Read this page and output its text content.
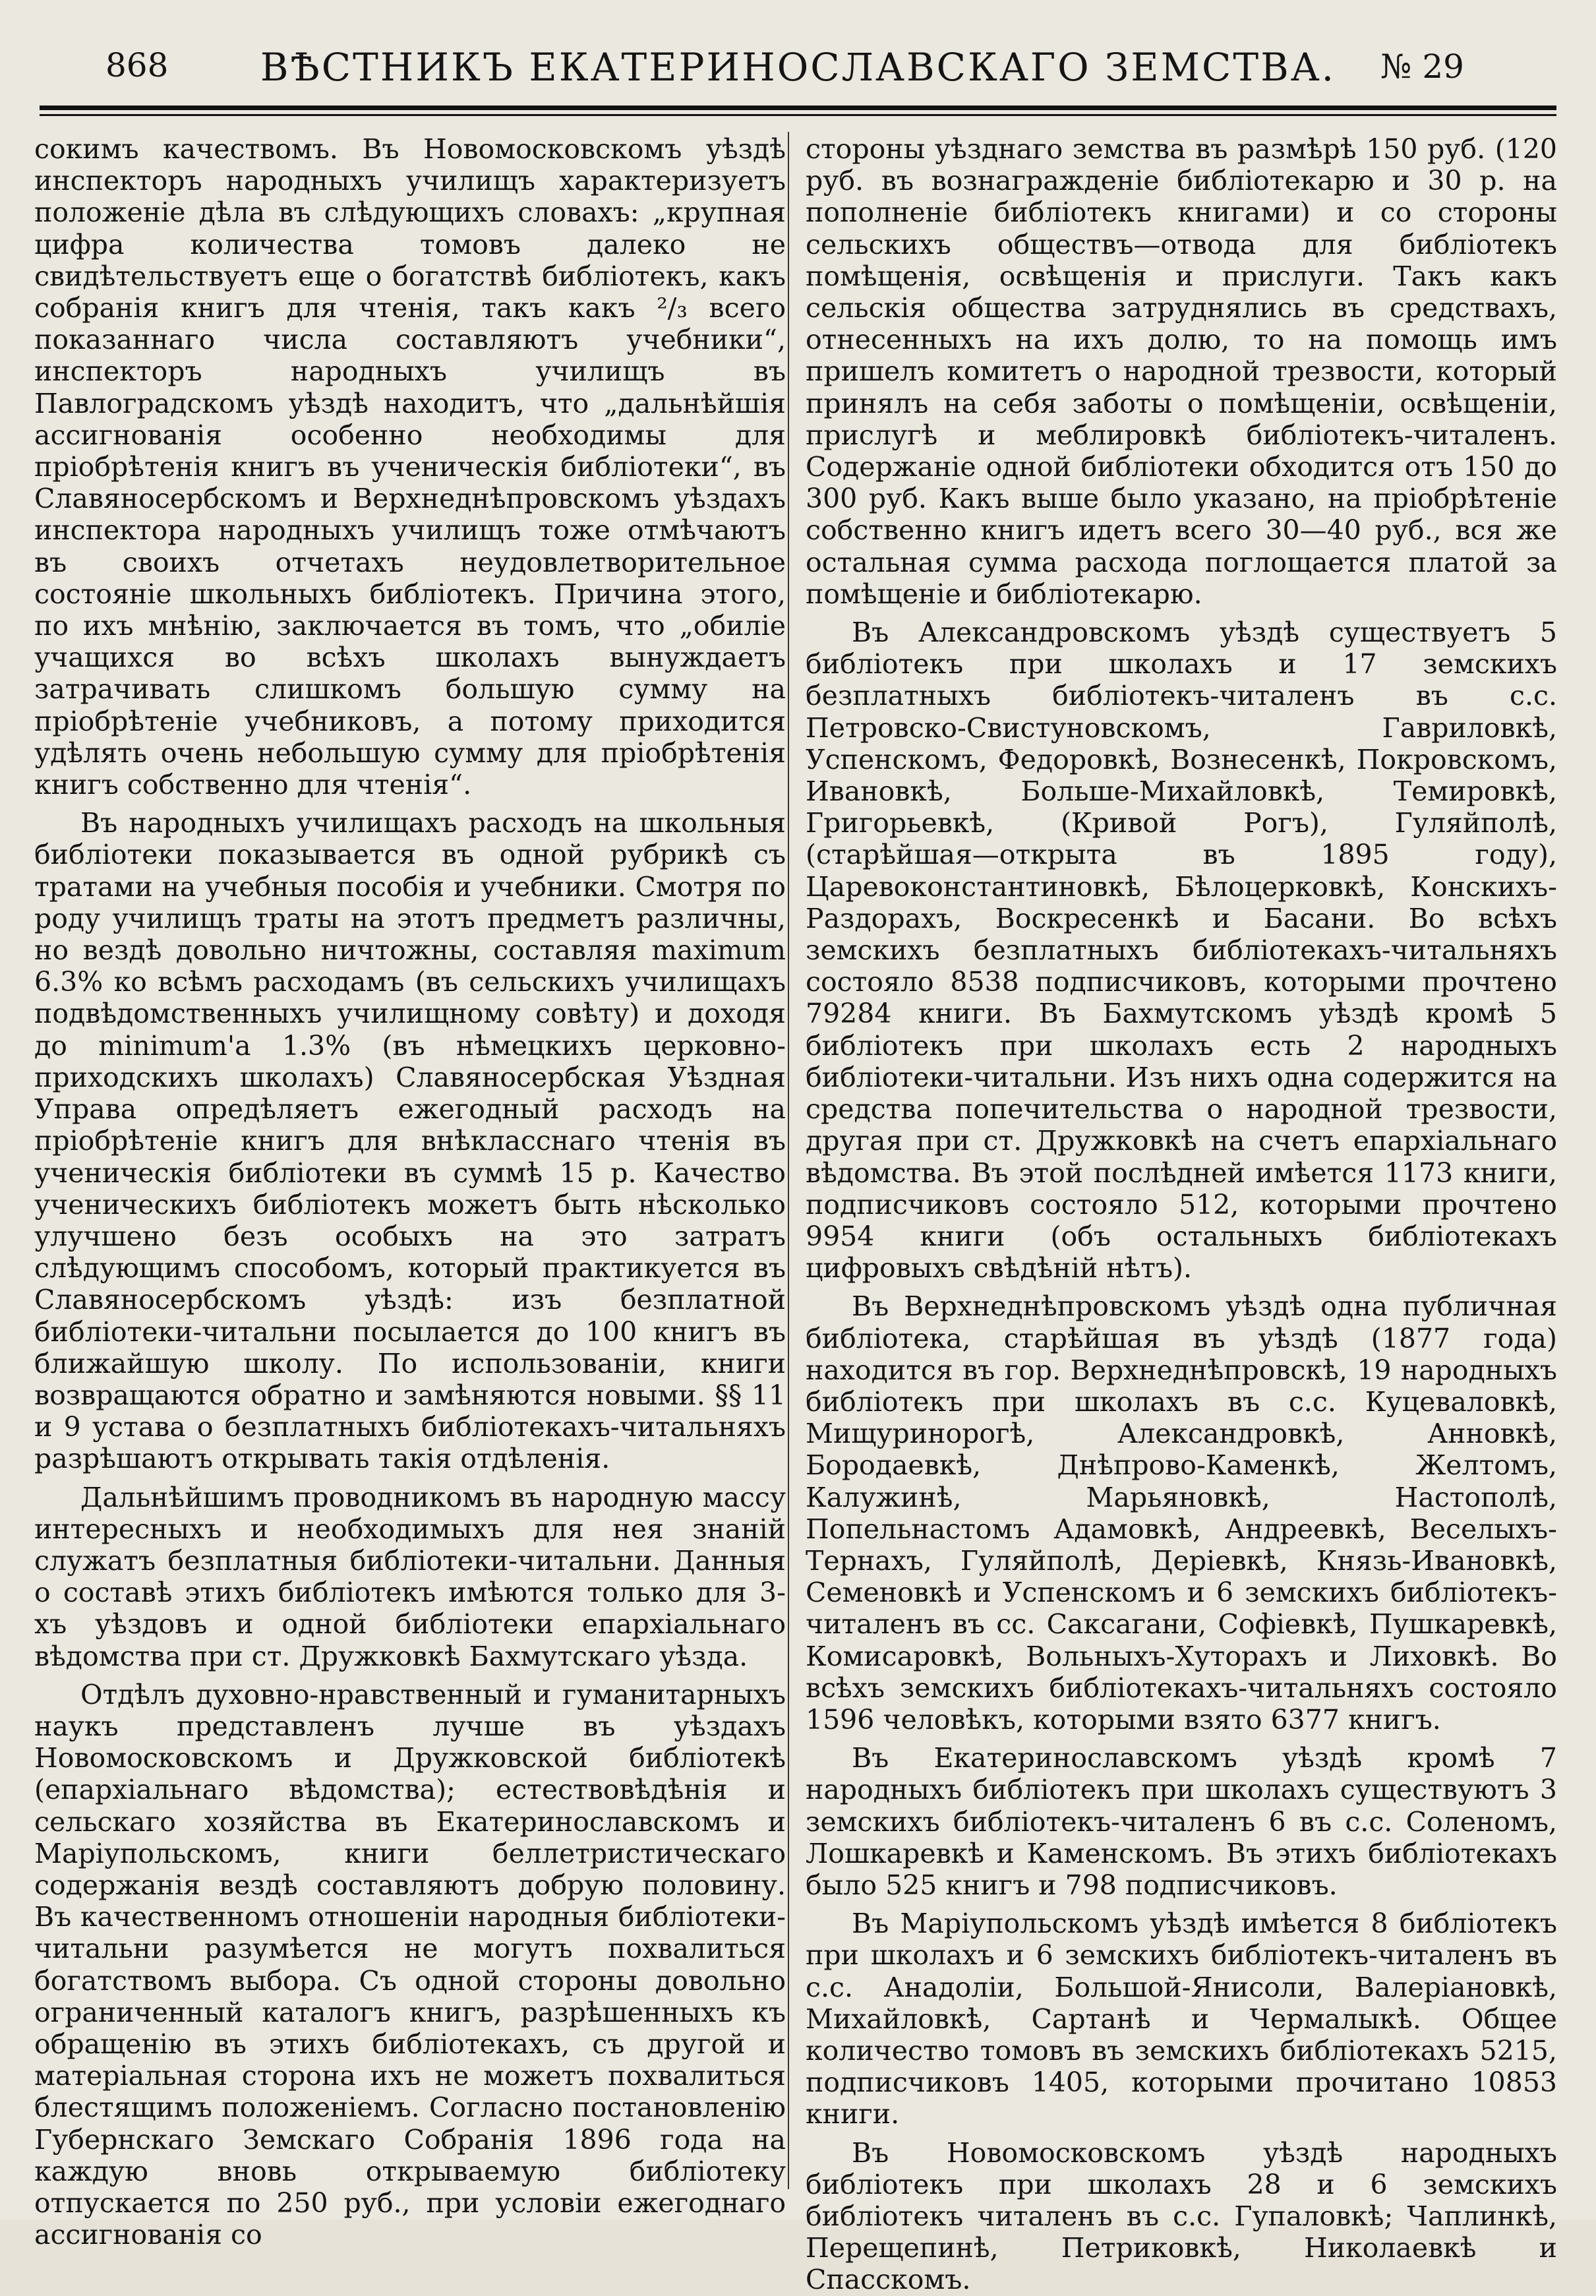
868	ВѢСТНИКЪ ЕКАТЕРИНОСЛАВСКАГО ЗЕМСТВА.	№ 29

сокимъ качествомъ. Въ Новомосковскомъ уѣздѣ инспекторъ народныхъ училищъ характеризуетъ положеніе дѣла въ слѣдующихъ словахъ: „крупная цифра количества томовъ далеко не свидѣтельствуетъ еще о богатствѣ библіотекъ, какъ собранія книгъ для чтенія, такъ какъ ²/₃ всего показаннаго числа составляютъ учебники“, инспекторъ народныхъ училищъ въ Павлоградскомъ уѣздѣ находитъ, что „дальнѣйшія ассигнованія особенно необходимы для пріобрѣтенія книгъ въ ученическія библіотеки“, въ Славяносербскомъ и Верхнеднѣпровскомъ уѣздахъ инспектора народныхъ училищъ тоже отмѣчаютъ въ своихъ отчетахъ неудовлетворительное состояніе школьныхъ библіотекъ. Причина этого, по ихъ мнѣнію, заключается въ томъ, что „обиліе учащихся во всѣхъ школахъ вынуждаетъ затрачивать слишкомъ большую сумму на пріобрѣтеніе учебниковъ, а потому приходится удѣлять очень небольшую сумму для пріобрѣтенія книгъ собственно для чтенія“.

Въ народныхъ училищахъ расходъ на школьныя библіотеки показывается въ одной рубрикѣ съ тратами на учебныя пособія и учебники. Смотря по роду училищъ траты на этотъ предметъ различны, но вездѣ довольно ничтожны, составляя maximum 6.3% ко всѣмъ расходамъ (въ сельскихъ училищахъ подвѣдомственныхъ училищному совѣту) и доходя до minimum'а 1.3% (въ нѣмецкихъ церковно-приходскихъ школахъ) Славяносербская Уѣздная Управа опредѣляетъ ежегодный расходъ на пріобрѣтеніе книгъ для внѣкласснаго чтенія въ ученическія библіотеки въ суммѣ 15 р. Качество ученическихъ библіотекъ можетъ быть нѣсколько улучшено безъ особыхъ на это затратъ слѣдующимъ способомъ, который практикуется въ Славяносербскомъ уѣздѣ: изъ безплатной библіотеки-читальни посылается до 100 книгъ въ ближайшую школу. По использованіи, книги возвращаются обратно и замѣняются новыми. §§ 11 и 9 устава о безплатныхъ библіотекахъ-читальняхъ разрѣшаютъ открывать такія отдѣленія.

Дальнѣйшимъ проводникомъ въ народную массу интересныхъ и необходимыхъ для нея знаній служатъ безплатныя библіотеки-читальни. Данныя о составѣ этихъ библіотекъ имѣются только для 3-хъ уѣздовъ и одной библіотеки епархіальнаго вѣдомства при ст. Дружковкѣ Бахмутскаго уѣзда.

Отдѣлъ духовно-нравственный и гуманитарныхъ наукъ представленъ лучше въ уѣздахъ Новомосковскомъ и Дружковской библіотекѣ (епархіальнаго вѣдомства); естествовѣдѣнія и сельскаго хозяйства въ Екатеринославскомъ и Маріупольскомъ, книги беллетристическаго содержанія вездѣ составляютъ добрую половину. Въ качественномъ отношеніи народныя библіотеки-читальни разумѣется не могутъ похвалиться богатствомъ выбора. Съ одной стороны довольно ограниченный каталогъ книгъ, разрѣшенныхъ къ обращенію въ этихъ библіотекахъ, съ другой и матеріальная сторона ихъ не можетъ похвалиться блестящимъ положеніемъ. Согласно постановленію Губернскаго Земскаго Собранія 1896 года на каждую вновь открываемую библіотеку отпускается по 250 руб., при условіи ежегоднаго ассигнованія со

стороны уѣзднаго земства въ размѣрѣ 150 руб. (120 руб. въ вознагражденіе библіотекарю и 30 р. на пополненіе библіотекъ книгами) и со стороны сельскихъ обществъ—отвода для библіотекъ помѣщенія, освѣщенія и прислуги. Такъ какъ сельскія общества затруднялись въ средствахъ, отнесенныхъ на ихъ долю, то на помощь имъ пришелъ комитетъ о народной трезвости, который принялъ на себя заботы о помѣщеніи, освѣщеніи, прислугѣ и меблировкѣ библіотекъ-читаленъ. Содержаніе одной библіотеки обходится отъ 150 до 300 руб. Какъ выше было указано, на пріобрѣтеніе собственно книгъ идетъ всего 30—40 руб., вся же остальная сумма расхода поглощается платой за помѣщеніе и библіотекарю.

Въ Александровскомъ уѣздѣ существуетъ 5 библіотекъ при школахъ и 17 земскихъ безплатныхъ библіотекъ-читаленъ въ с.с. Петровско-Свистуновскомъ, Гавриловкѣ, Успенскомъ, Федоровкѣ, Вознесенкѣ, Покровскомъ, Ивановкѣ, Больше-Михайловкѣ, Темировкѣ, Григорьевкѣ, (Кривой Рогъ), Гуляйполѣ, (старѣйшая—открыта въ 1895 году), Царевоконстантиновкѣ, Бѣлоцерковкѣ, Конскихъ-Раздорахъ, Воскресенкѣ и Басани. Во всѣхъ земскихъ безплатныхъ библіотекахъ-читальняхъ состояло 8538 подписчиковъ, которыми прочтено 79284 книги. Въ Бахмутскомъ уѣздѣ кромѣ 5 библіотекъ при школахъ есть 2 народныхъ библіотеки-читальни. Изъ нихъ одна содержится на средства попечительства о народной трезвости, другая при ст. Дружковкѣ на счетъ епархіальнаго вѣдомства. Въ этой послѣдней имѣется 1173 книги, подписчиковъ состояло 512, которыми прочтено 9954 книги (объ остальныхъ библіотекахъ цифровыхъ свѣдѣній нѣтъ).

Въ Верхнеднѣпровскомъ уѣздѣ одна публичная библіотека, старѣйшая въ уѣздѣ (1877 года) находится въ гор. Верхнеднѣпровскѣ, 19 народныхъ библіотекъ при школахъ въ с.с. Куцеваловкѣ, Мищуринорогѣ, Александровкѣ, Анновкѣ, Бородаевкѣ, Днѣпрово-Каменкѣ, Желтомъ, Калужинѣ, Марьяновкѣ, Настополѣ, Попельнастомъ Адамовкѣ, Андреевкѣ, Веселыхъ-Тернахъ, Гуляйполѣ, Деріевкѣ, Князь-Ивановкѣ, Семеновкѣ и Успенскомъ и 6 земскихъ библіотекъ-читаленъ въ сс. Саксагани, Софіевкѣ, Пушкаревкѣ, Комисаровкѣ, Вольныхъ-Хуторахъ и Лиховкѣ. Во всѣхъ земскихъ библіотекахъ-читальняхъ состояло 1596 человѣкъ, которыми взято 6377 книгъ.

Въ Екатеринославскомъ уѣздѣ кромѣ 7 народныхъ библіотекъ при школахъ существуютъ 3 земскихъ библіотекъ-читаленъ 6 въ с.с. Соленомъ, Лошкаревкѣ и Каменскомъ. Въ этихъ библіотекахъ было 525 книгъ и 798 подписчиковъ.

Въ Маріупольскомъ уѣздѣ имѣется 8 библіотекъ при школахъ и 6 земскихъ библіотекъ-читаленъ въ с.с. Анадоліи, Большой-Янисоли, Валеріановкѣ, Михайловкѣ, Сартанѣ и Чермалыкѣ. Общее количество томовъ въ земскихъ библіотекахъ 5215, подписчиковъ 1405, которыми прочитано 10853 книги.

Въ Новомосковскомъ уѣздѣ народныхъ библіотекъ при школахъ 28 и 6 земскихъ библіотекъ читаленъ въ с.с. Гупаловкѣ; Чаплинкѣ, Перещепинѣ, Петриковкѣ, Николаевкѣ и Спасскомъ.
